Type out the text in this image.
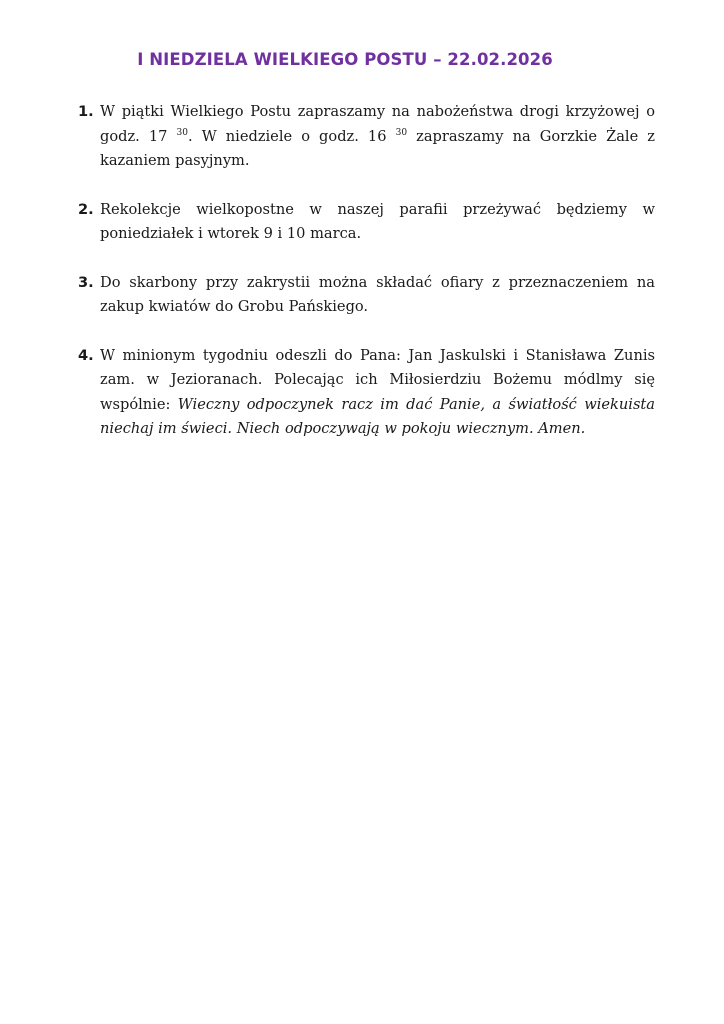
I NIEDZIELA WIELKIEGO POSTU – 22.02.2026
1. W piątki Wielkiego Postu zapraszamy na nabożeństwa drogi krzyżowej o godz. 17 $^{30}$. W niedziele o godz. 16 $^{30}$ zapraszamy na Gorzkie Żale z kazaniem pasyjnym.

2. Rekolekcje wielkopostne w naszej parafii przeżywać będziemy w poniedziałek i wtorek 9 i 10 marca.

3. Do skarbony przy zakrystii można składać ofiary z przeznaczeniem na zakup kwiatów do Grobu Pańskiego.

4. W minionym tygodniu odeszli do Pana: Jan Jaskulski i Stanisława Zunis zam. w Jezioranach. Polecając ich Miłosierdziu Bożemu módlmy się wspólnie: Wieczny odpoczynek racz im dać Panie, a światłość wiekuista niechaj im świeci. Niech odpoczywają w pokoju wiecznym. Amen.
